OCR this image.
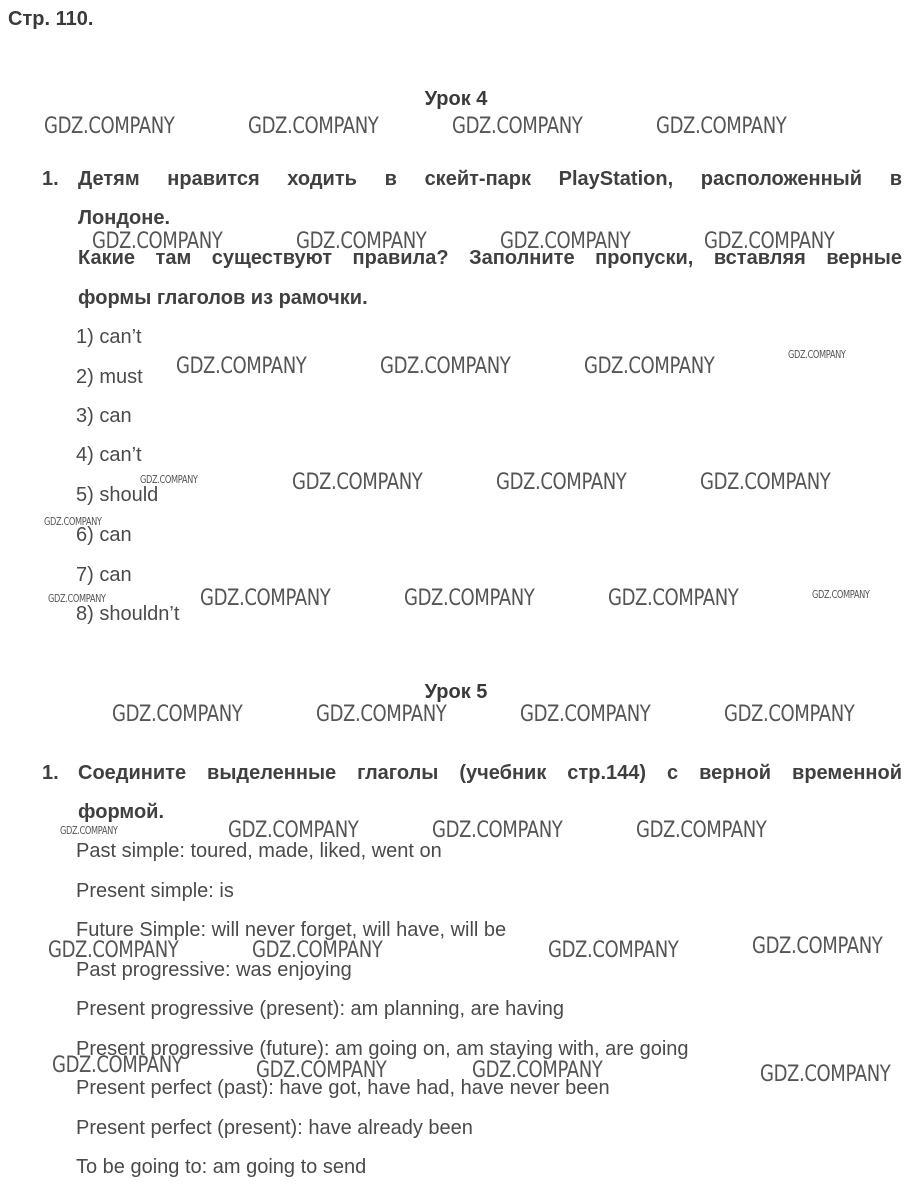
Стр. 110.
Урок 4
1. Детям нравится ходить в скейт-парк PlayStation, расположенный в
Лондоне.
Какие там существуют правила? Заполните пропуски, вставляя верные
формы глаголов из рамочки.
1) can’t
2) must
3) can
4) can’t
5) should
6) can
7) can
8) shouldn’t
Урок 5
1. Соедините выделенные глаголы (учебник стр.144) с верной временной
формой.
Past simple: toured, made, liked, went on
Present simple: is
Future Simple: will never forget, will have, will be
Past progressive: was enjoying
Present progressive (present): am planning, are having
Present progressive (future): am going on, am staying with, are going
Present perfect (past): have got, have had, have never been
Present perfect (present): have already been
To be going to: am going to send
GDZ.COMPANY	GDZ.COMPANY	GDZ.COMPANY	GDZ.COMPANY
GDZ.COMPANY	GDZ.COMPANY	GDZ.COMPANY	GDZ.COMPANY
GDZ.COMPANY	GDZ.COMPANY	GDZ.COMPANY
GDZ.COMPANY	GDZ.COMPANY	GDZ.COMPANY
GDZ.COMPANY	GDZ.COMPANY	GDZ.COMPANY
GDZ.COMPANY	GDZ.COMPANY	GDZ.COMPANY	GDZ.COMPANY
GDZ.COMPANY	GDZ.COMPANY	GDZ.COMPANY
GDZ.COMPANY	GDZ.COMPANY	GDZ.COMPANY	GDZ.COMPANY
GDZ.COMPANY	GDZ.COMPANY	GDZ.COMPANY	GDZ.COMPANY
GDZ.COMPANY
GDZ.COMPANY
GDZ.COMPANY
GDZ.COMPANY	GDZ.COMPANY
GDZ.COMPANY
